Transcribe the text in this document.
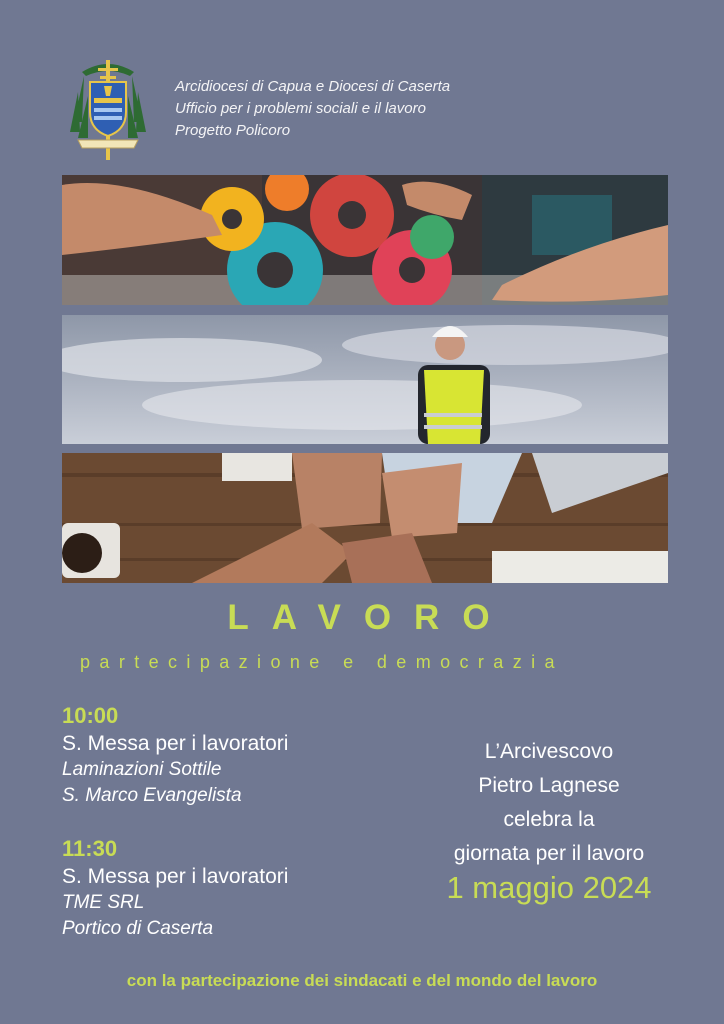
Arcidiocesi di Capua e Diocesi di Caserta
Ufficio per i problemi sociali e il lavoro
Progetto Policoro
LAVORO
partecipazione e democrazia
10:00
S. Messa per i lavoratori
Laminazioni Sottile
S. Marco Evangelista
11:30
S. Messa per i lavoratori
TME SRL
Portico di Caserta
L’Arcivescovo
Pietro Lagnese
celebra la
giornata per il lavoro
1 maggio 2024
con la partecipazione dei sindacati e del mondo del lavoro
